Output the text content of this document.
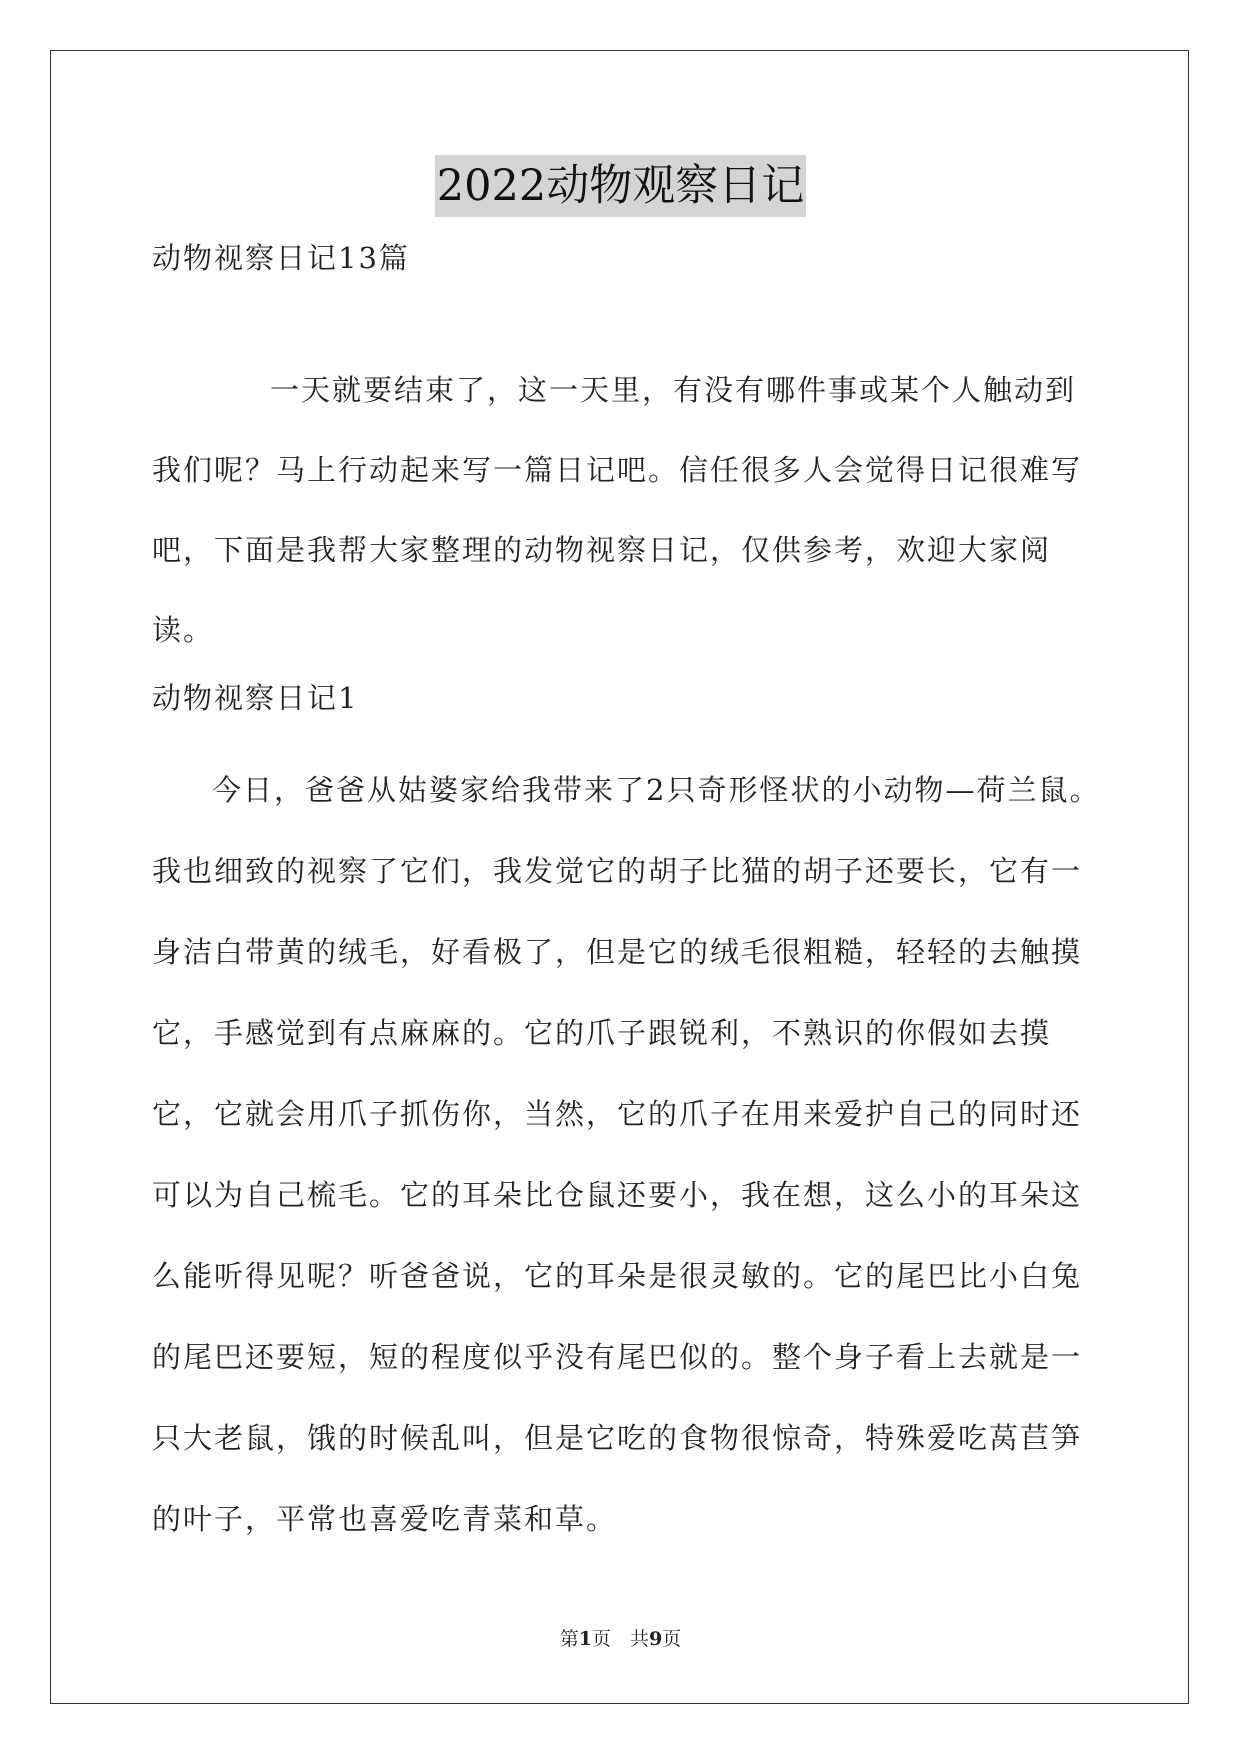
2022动物观察日记
动物视察日记13篇

一天就要结束了，这一天里，有没有哪件事或某个人触动到我们呢？马上行动起来写一篇日记吧。信任很多人会觉得日记很难写吧，下面是我帮大家整理的动物视察日记，仅供参考，欢迎大家阅读。

动物视察日记1

今日，爸爸从姑婆家给我带来了2只奇形怪状的小动物—荷兰鼠。我也细致的视察了它们，我发觉它的胡子比猫的胡子还要长，它有一身洁白带黄的绒毛，好看极了，但是它的绒毛很粗糙，轻轻的去触摸它，手感觉到有点麻麻的。它的爪子跟锐利，不熟识的你假如去摸它，它就会用爪子抓伤你，当然，它的爪子在用来爱护自己的同时还可以为自己梳毛。它的耳朵比仓鼠还要小，我在想，这么小的耳朵这么能听得见呢？听爸爸说，它的耳朵是很灵敏的。它的尾巴比小白兔的尾巴还要短，短的程度似乎没有尾巴似的。整个身子看上去就是一只大老鼠，饿的时候乱叫，但是它吃的食物很惊奇，特殊爱吃莴苣笋的叶子，平常也喜爱吃青菜和草。

第1页　共9页
